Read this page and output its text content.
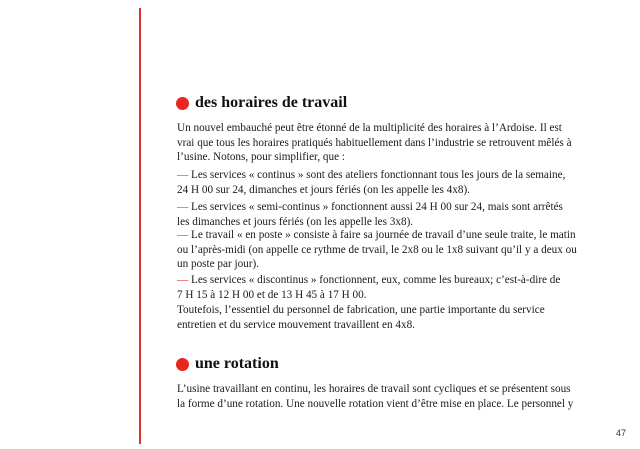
des horaires de travail

Un nouvel embauché peut être étonné de la multiplicité des horaires à l’Ardoise. Il est
vrai que tous les horaires pratiqués habituellement dans l’industrie se retrouvent mêlés à
l’usine. Notons, pour simplifier, que :

— Les services « continus » sont des ateliers fonctionnant tous les jours de la semaine,
24 H 00 sur 24, dimanches et jours fériés (on les appelle les 4x8).

— Les services « semi-continus » fonctionnent aussi 24 H 00 sur 24, mais sont arrêtés
les dimanches et jours fériés (on les appelle les 3x8).

— Le travail « en poste » consiste à faire sa journée de travail d’une seule traite, le matin
ou l’après-midi (on appelle ce rythme de trvail, le 2x8 ou le 1x8 suivant qu’il y a deux ou
un poste par jour).

— Les services « discontinus » fonctionnent, eux, comme les bureaux; c’est-à-dire de
7 H 15 à 12 H 00 et de 13 H 45 à 17 H 00.

Toutefois, l’essentiel du personnel de fabrication, une partie importante du service
entretien et du service mouvement travaillent en 4x8.

une rotation

L’usine travaillant en continu, les horaires de travail sont cycliques et se présentent sous
la forme d’une rotation. Une nouvelle rotation vient d’être mise en place. Le personnel y

47
